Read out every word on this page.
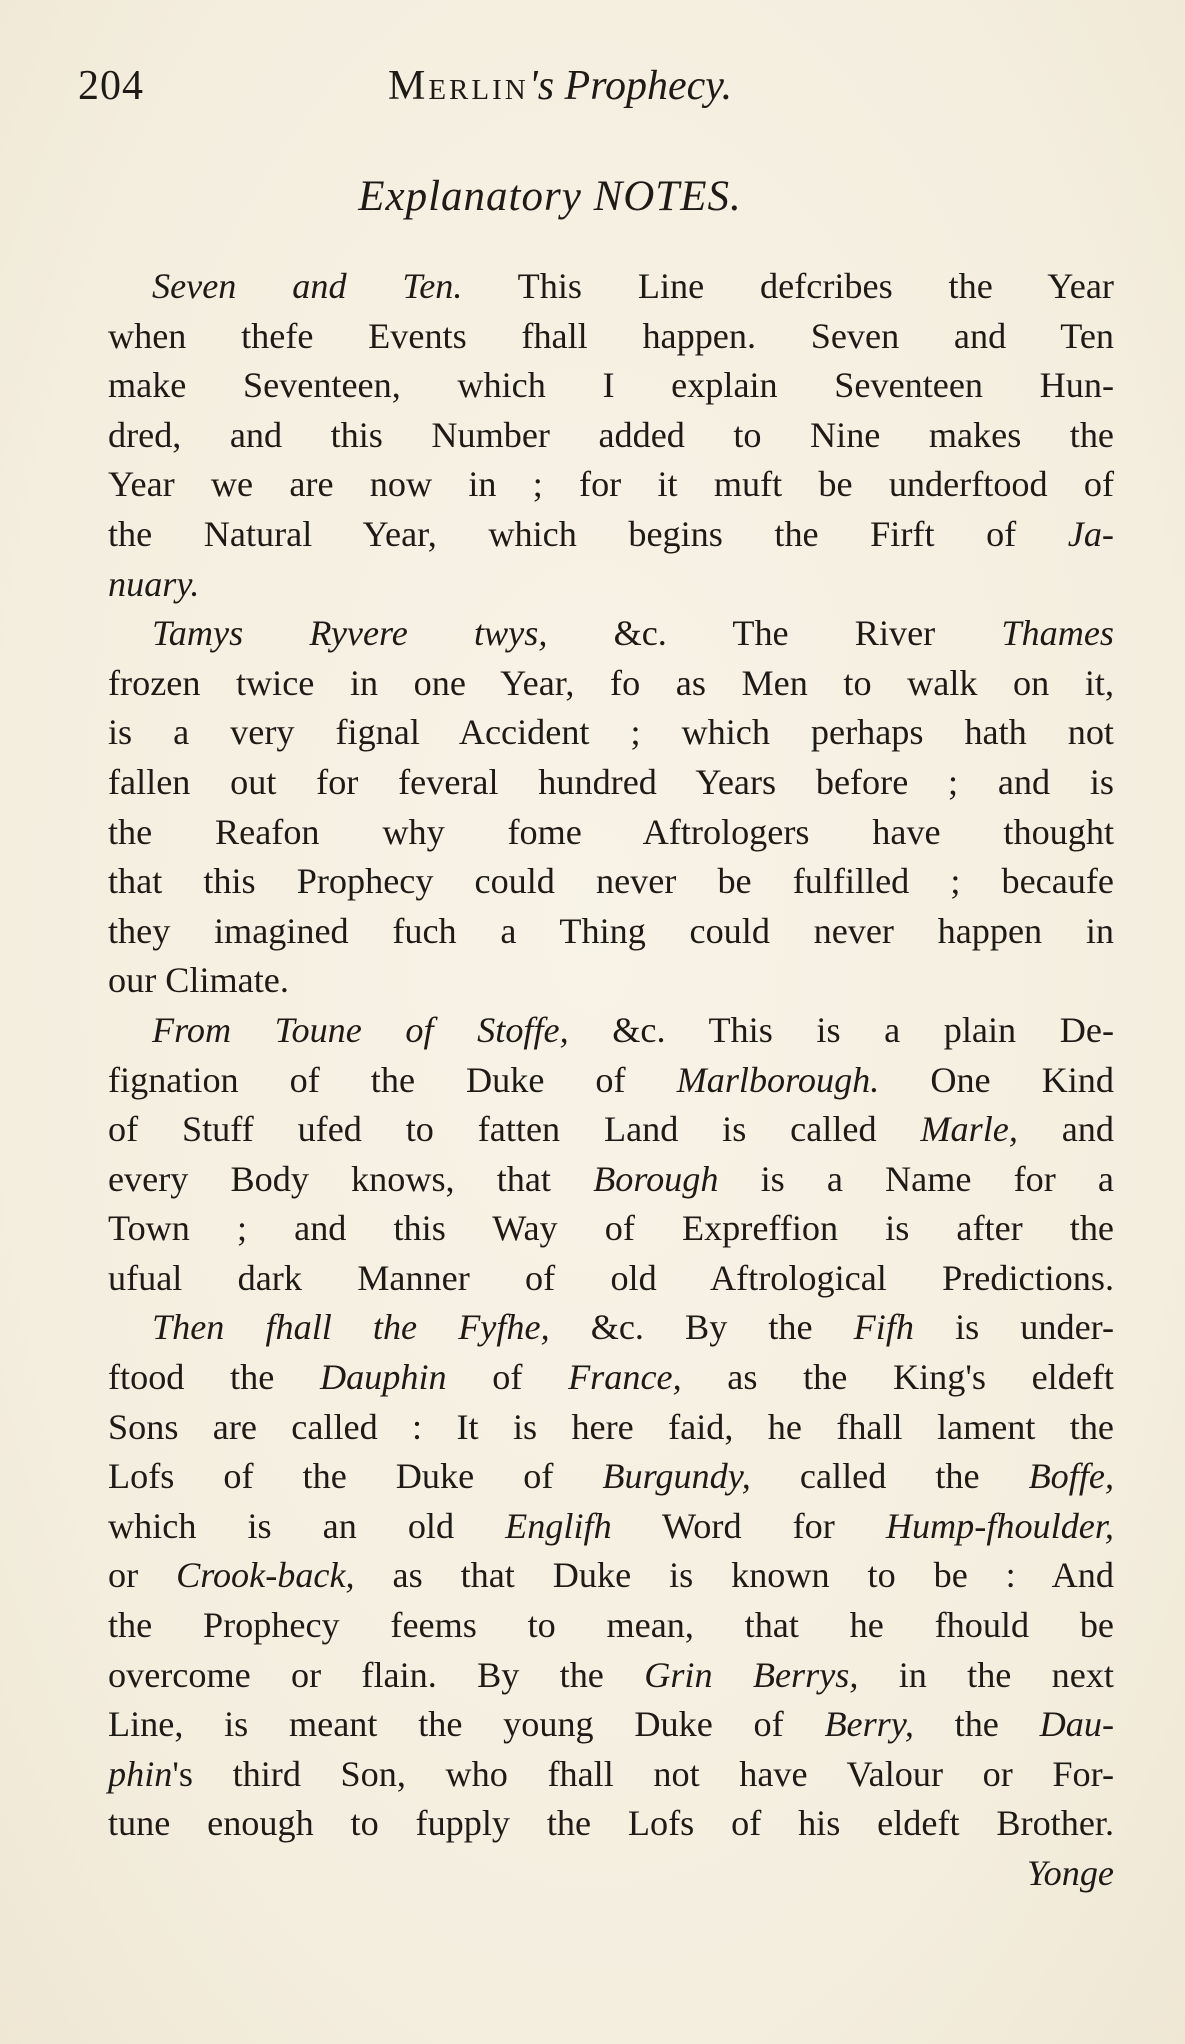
204	Merlin's Prophecy.
Explanatory NOTES.
Seven and Ten. This Line defcribes the Year
when thefe Events fhall happen. Seven and Ten
make Seventeen, which I explain Seventeen Hun-
dred, and this Number added to Nine makes the
Year we are now in ; for it muft be underftood of
the Natural Year, which begins the Firft of Ja-
nuary.
Tamys Ryvere twys, &c. The River Thames
frozen twice in one Year, fo as Men to walk on it,
is a very fignal Accident ; which perhaps hath not
fallen out for feveral hundred Years before ; and is
the Reafon why fome Aftrologers have thought
that this Prophecy could never be fulfilled ; becaufe
they imagined fuch a Thing could never happen in
our Climate.
From Toune of Stoffe, &c. This is a plain De-
fignation of the Duke of Marlborough. One Kind
of Stuff ufed to fatten Land is called Marle, and
every Body knows, that Borough is a Name for a
Town ; and this Way of Expreffion is after the
ufual dark Manner of old Aftrological Predictions.
Then fhall the Fyfhe, &c. By the Fifh is under-
ftood the Dauphin of France, as the King's eldeft
Sons are called : It is here faid, he fhall lament the
Lofs of the Duke of Burgundy, called the Boffe,
which is an old Englifh Word for Hump-fhoulder,
or Crook-back, as that Duke is known to be : And
the Prophecy feems to mean, that he fhould be
overcome or flain. By the Grin Berrys, in the next
Line, is meant the young Duke of Berry, the Dau-
phin's third Son, who fhall not have Valour or For-
tune enough to fupply the Lofs of his eldeft Brother.
Yonge
